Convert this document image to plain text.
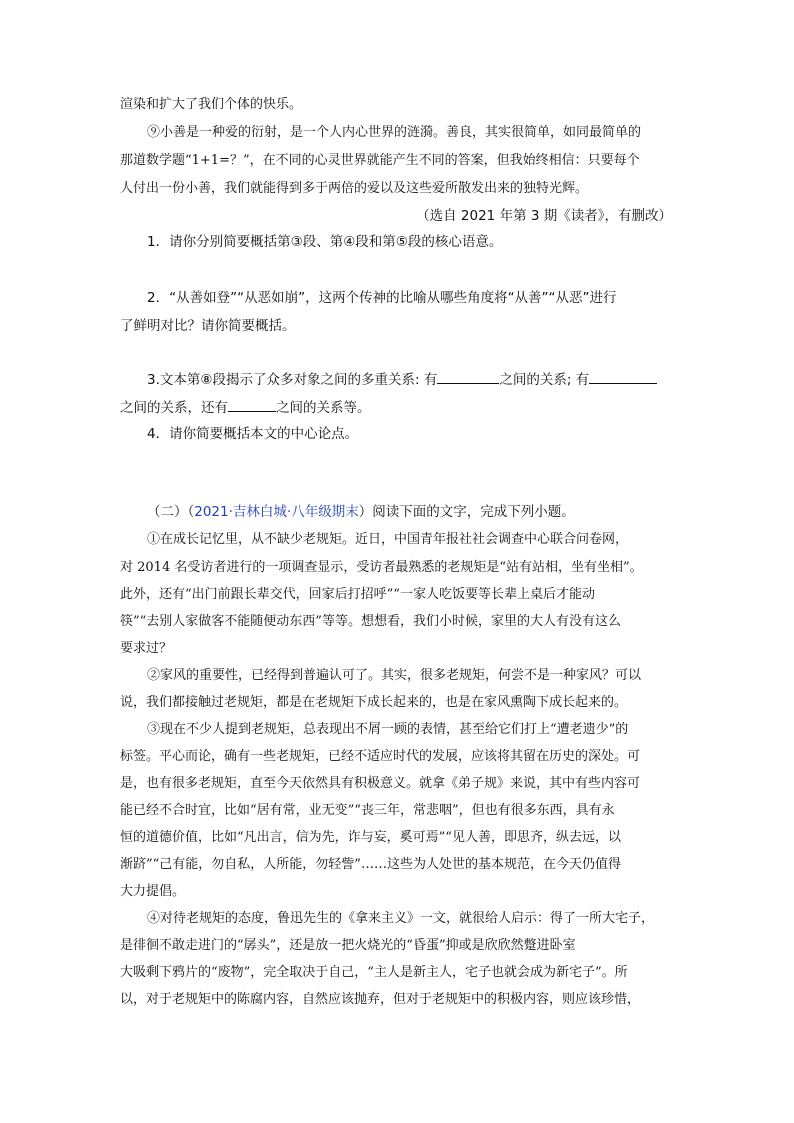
渲染和扩大了我们个体的快乐。
⑨小善是一种爱的衍射，是一个人内心世界的涟漪。善良，其实很简单，如同最简单的
那道数学题“1+1=？”，在不同的心灵世界就能产生不同的答案，但我始终相信：只要每个
人付出一份小善，我们就能得到多于两倍的爱以及这些爱所散发出来的独特光辉。
（选自 2021 年第 3 期《读者》，有删改）
1．请你分别简要概括第③段、第④段和第⑤段的核心语意。
2．“从善如登”“从恶如崩”，这两个传神的比喻从哪些角度将“从善”“从恶”进行
了鲜明对比？请你简要概括。
3.文本第⑧段揭示了众多对象之间的多重关系: 有	之间的关系; 有
之间的关系，还有	之间的关系等。
4．请你简要概括本文的中心论点。
（二）（2021·吉林白城·八年级期末）阅读下面的文字，完成下列小题。
①在成长记忆里，从不缺少老规矩。近日，中国青年报社社会调查中心联合问卷网，
对 2014 名受访者进行的一项调查显示，受访者最熟悉的老规矩是“站有站相，坐有坐相”。
此外，还有“出门前跟长辈交代，回家后打招呼”“一家人吃饭要等长辈上桌后才能动
筷”“去别人家做客不能随便动东西”等等。想想看，我们小时候，家里的大人有没有这么
要求过？
②家风的重要性，已经得到普遍认可了。其实，很多老规矩，何尝不是一种家风？可以
说，我们都接触过老规矩，都是在老规矩下成长起来的，也是在家风熏陶下成长起来的。
③现在不少人提到老规矩，总表现出不屑一顾的表情，甚至给它们打上“遭老遗少”的
标签。平心而论，确有一些老规矩，已经不适应时代的发展，应该将其留在历史的深处。可
是，也有很多老规矩，直至今天依然具有积极意义。就拿《弟子规》来说，其中有些内容可
能已经不合时宜，比如“居有常，业无变”“丧三年，常悲咽”，但也有很多东西，具有永
恒的道德价值，比如“凡出言，信为先，诈与妄，奚可焉”“见人善，即思齐，纵去远，以
渐跻”“己有能，勿自私，人所能，勿轻訾”……这些为人处世的基本规范，在今天仍值得
大力提倡。
④对待老规矩的态度，鲁迅先生的《拿来主义》一文，就很给人启示：得了一所大宅子，
是徘徊不敢走进门的“孱头”，还是放一把火烧光的“昏蛋”抑或是欣欣然蹩进卧室
大吸剩下鸦片的“废物”，完全取决于自己，“主人是新主人，宅子也就会成为新宅子”。所
以，对于老规矩中的陈腐内容，自然应该抛弃，但对于老规矩中的积极内容，则应该珍惜，
